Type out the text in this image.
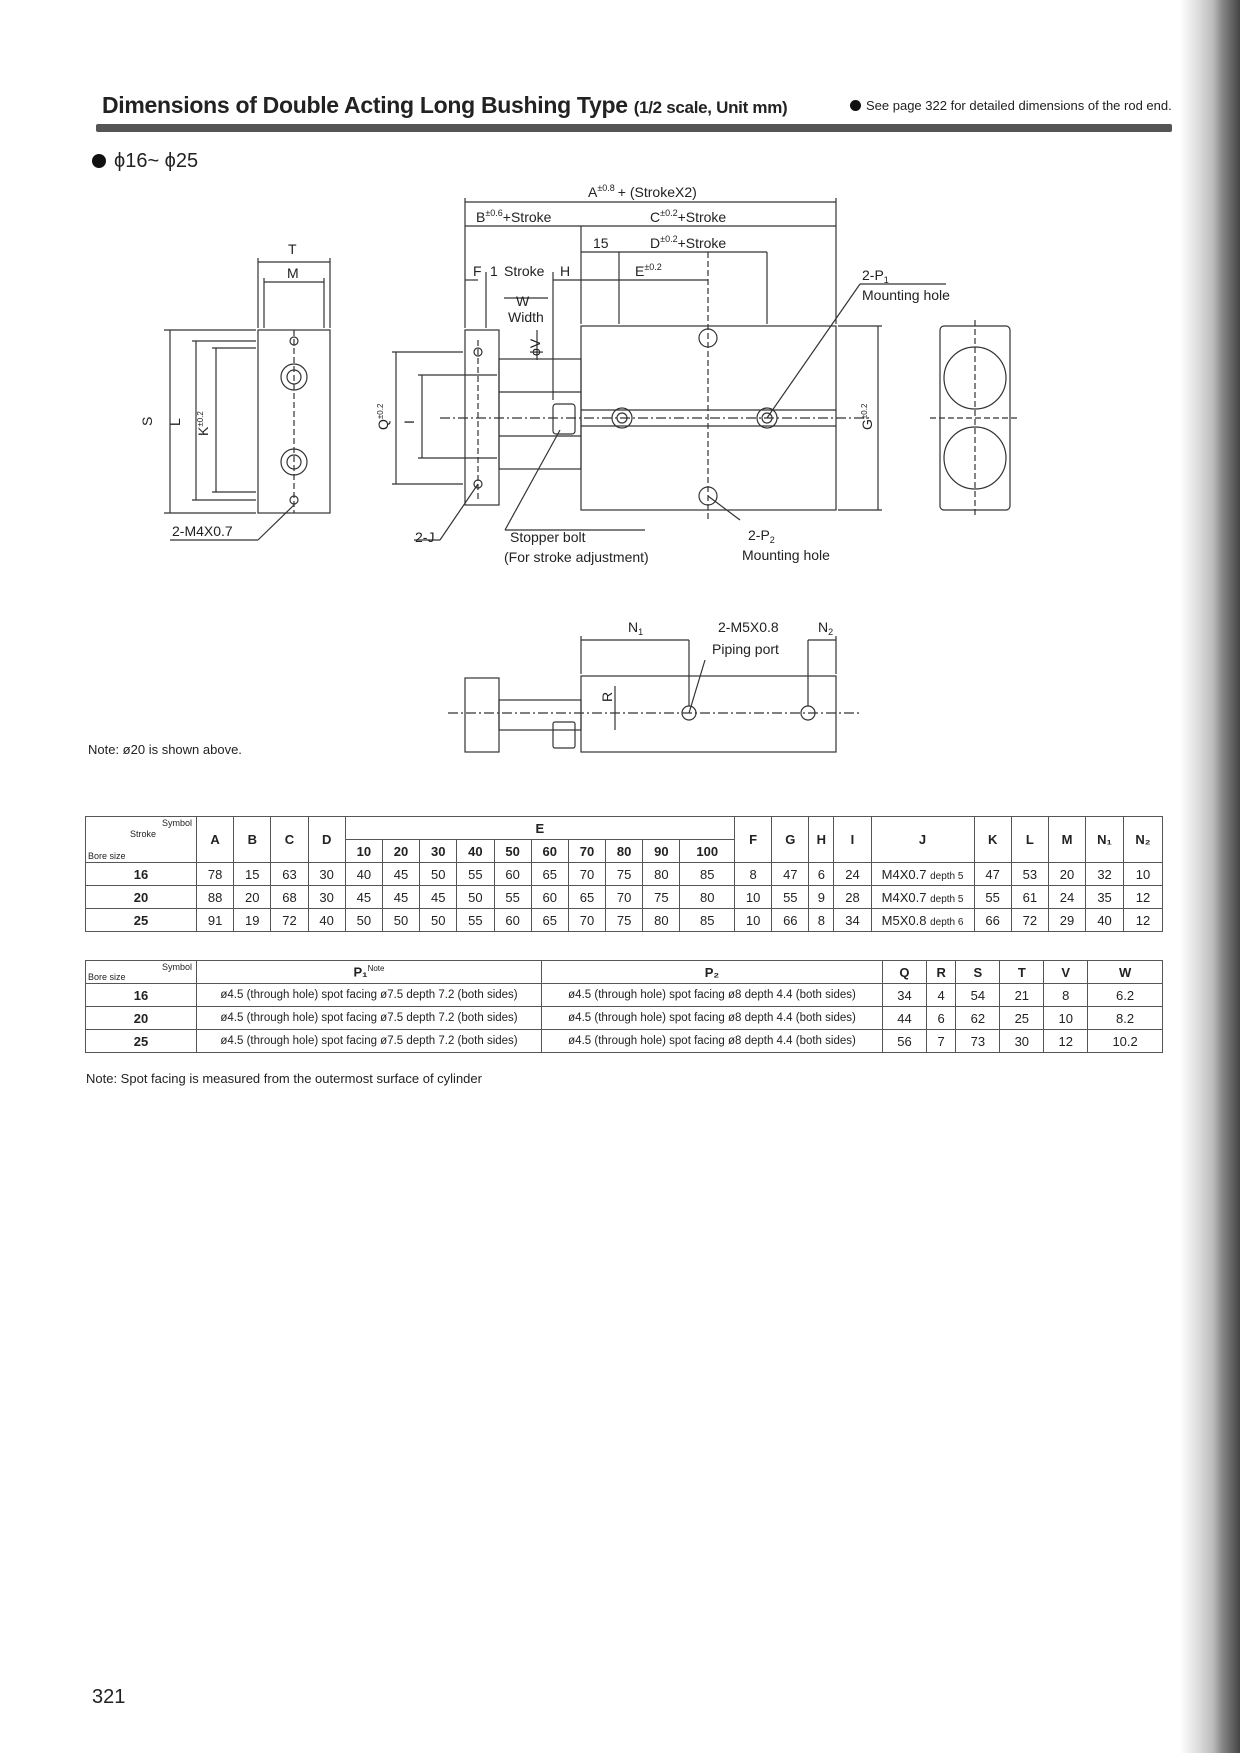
Dimensions of Double Acting Long Bushing Type (1/2 scale, Unit mm)	See page 322 for detailed dimensions of the rod end.
ϕ16~ ϕ25
$A^{\pm 0.8}$ + (StrokeX2)
$B^{\pm 0.6}+Stroke$	$C^{\pm 0.2}+Stroke$
15	$D^{\pm 0.2}+Stroke$
$E^{\pm 0.2}$
F 1 Stroke H
W
Width
ϕV
T
M
S L
$K^{\pm 0.2}$
2-M4X0.7
$Q^{\pm 0.2}$
I	$G^{\pm 0.2}$
$2-P_1$
Mounting hole
2-J	Stopper bolt
(For stroke adjustment)
$2-P_2$
Mounting hole
$N_1$	2-M5X0.8
Piping port
$N_2$
R
Note: ø20 is shown above.
Symbol
Stroke
Bore size	A	B	C	D	E										F	G	H	I	J	K	L	M	N₁	N₂
					10	20	30	40	50	60	70	80	90	100										
16	78	15	63	30	40	45	50	55	60	65	70	75	80	85	8	47	6	24	M4X0.7 depth 5	47	53	20	32	10
20	88	20	68	30	45	45	45	50	55	60	65	70	75	80	10	55	9	28	M4X0.7 depth 5	55	61	24	35	12
25	91	19	72	40	50	50	50	55	60	65	70	75	80	85	10	66	8	34	M5X0.8 depth 6	66	72	29	40	12
Symbol
Bore size	P₁$^{Note}$	P₂	Q	R	S	T	V	W
16	ø4.5 (through hole) spot facing ø7.5 depth 7.2 (both sides)	ø4.5 (through hole) spot facing ø8 depth 4.4 (both sides)	34	4	54	21	8	6.2
20	ø4.5 (through hole) spot facing ø7.5 depth 7.2 (both sides)	ø4.5 (through hole) spot facing ø8 depth 4.4 (both sides)	44	6	62	25	10	8.2
25	ø4.5 (through hole) spot facing ø7.5 depth 7.2 (both sides)	ø4.5 (through hole) spot facing ø8 depth 4.4 (both sides)	56	7	73	30	12	10.2
Note: Spot facing is measured from the outermost surface of cylinder
321
